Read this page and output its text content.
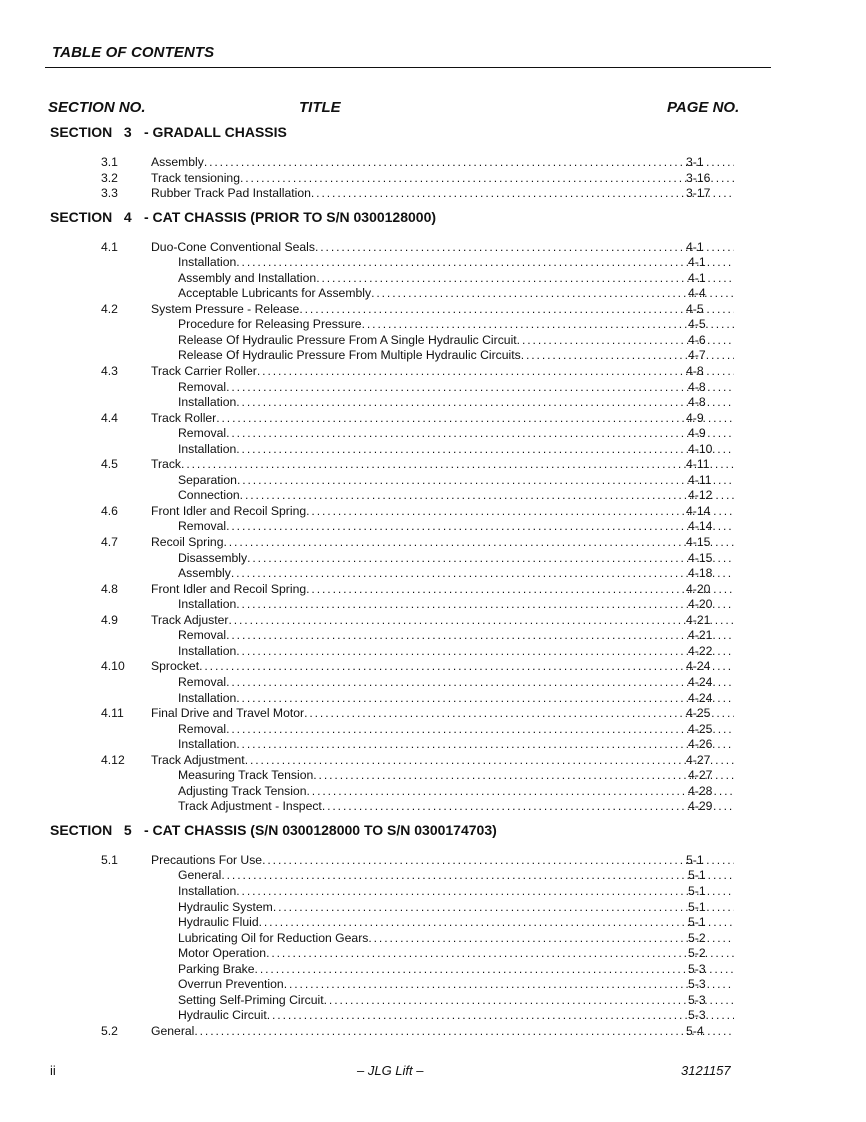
TABLE OF CONTENTS
SECTION NO.	TITLE	PAGE NO.
SECTION   3 - GRADALL CHASSIS
3.1	Assembly .....	3-1
3.2	Track tensioning .....	3-16
3.3	Rubber Track Pad Installation .....	3-17
SECTION   4 - CAT CHASSIS (PRIOR TO S/N 0300128000)
4.1	Duo-Cone Conventional Seals .....	4-1
Installation .....	4-1
Assembly and Installation .....	4-1
Acceptable Lubricants for Assembly .....	4-4
4.2	System Pressure - Release .....	4-5
Procedure for Releasing Pressure .....	4-5
Release Of Hydraulic Pressure From A Single Hydraulic Circuit .....	4-6
Release Of Hydraulic Pressure From Multiple Hydraulic Circuits .....	4-7
4.3	Track Carrier Roller .....	4-8
Removal .....	4-8
Installation .....	4-8
4.4	Track Roller .....	4-9
Removal .....	4-9
Installation .....	4-10
4.5	Track .....	4-11
Separation .....	4-11
Connection .....	4-12
4.6	Front Idler and Recoil Spring .....	4-14
Removal .....	4-14
4.7	Recoil Spring .....	4-15
Disassembly .....	4-15
Assembly .....	4-18
4.8	Front Idler and Recoil Spring .....	4-20
Installation .....	4-20
4.9	Track Adjuster .....	4-21
Removal .....	4-21
Installation .....	4-22
4.10 Sprocket .....	4-24
Removal .....	4-24
Installation .....	4-24
4.11 Final Drive and Travel Motor .....	4-25
Removal .....	4-25
Installation .....	4-26
4.12 Track Adjustment .....	4-27
Measuring Track Tension .....	4-27
Adjusting Track Tension .....	4-28
Track Adjustment - Inspect .....	4-29
SECTION   5 - CAT CHASSIS (S/N 0300128000 TO S/N 0300174703)
5.1	Precautions For Use .....	5-1
General .....	5-1
Installation .....	5-1
Hydraulic System .....	5-1
Hydraulic Fluid .....	5-1
Lubricating Oil for Reduction Gears .....	5-2
Motor Operation .....	5-2
Parking Brake .....	5-3
Overrun Prevention .....	5-3
Setting Self-Priming Circuit .....	5-3
Hydraulic Circuit .....	5-3
5.2	General .....	5-4
ii	– JLG Lift –	3121157
